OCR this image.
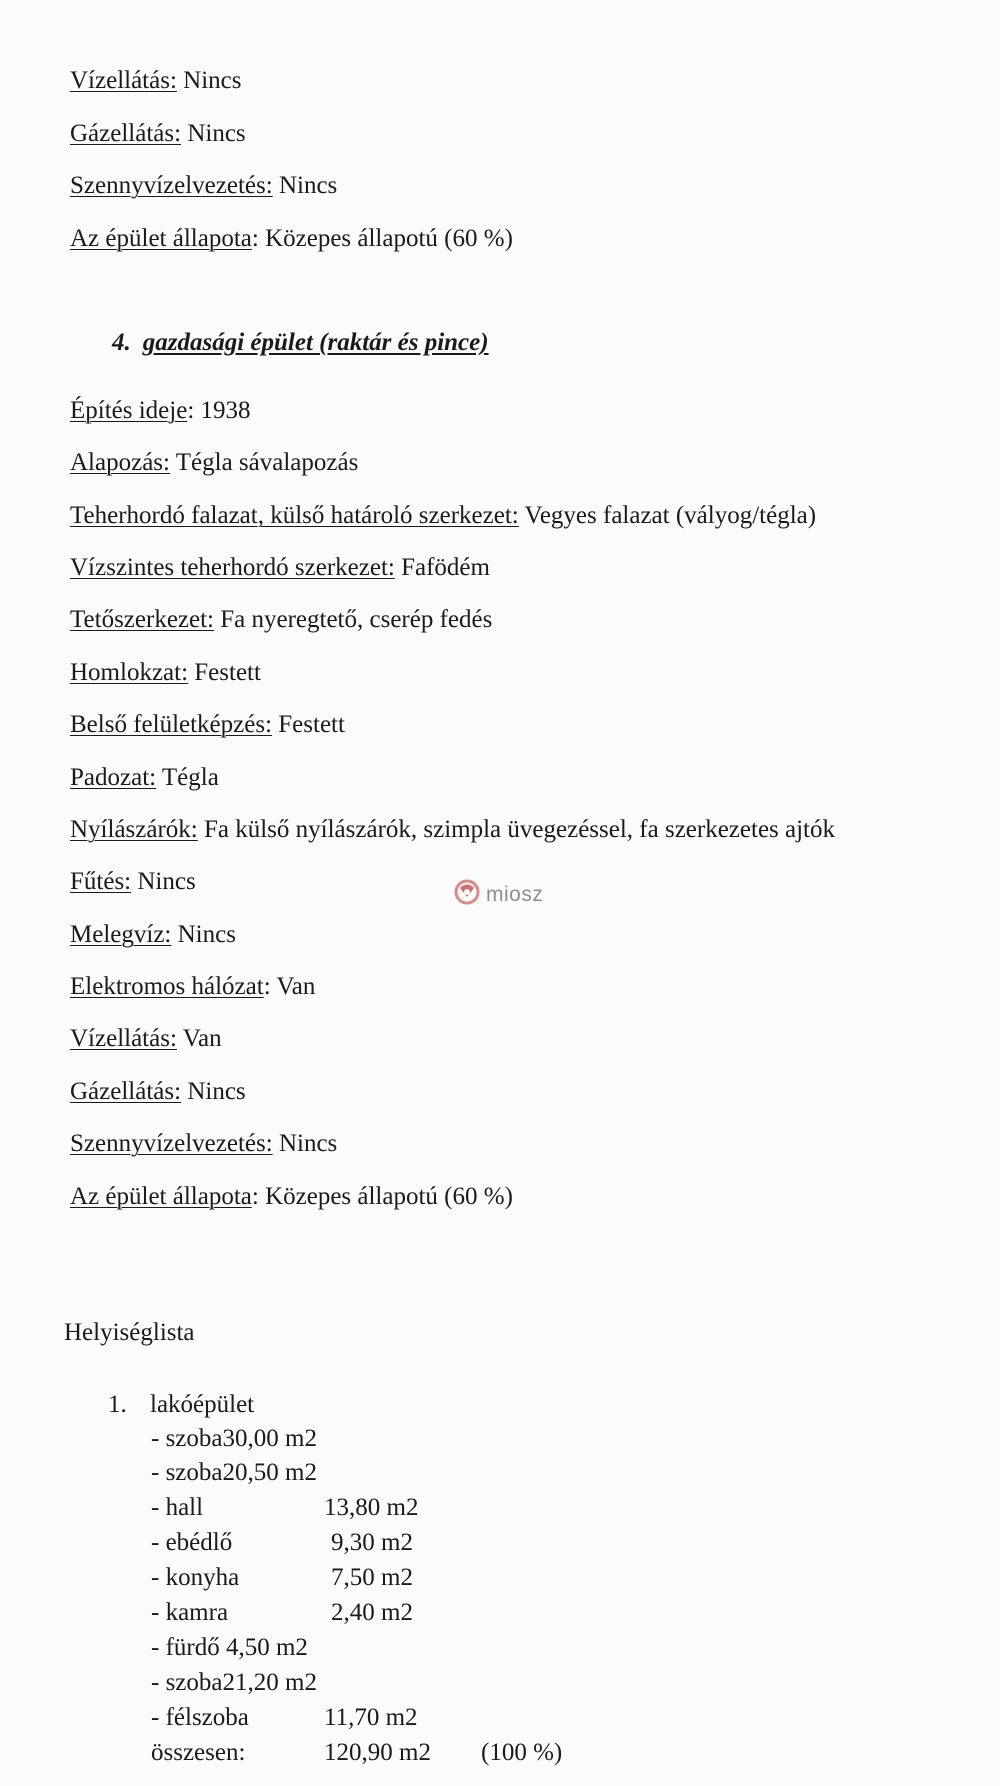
Vízellátás: Nincs
Gázellátás: Nincs
Szennyvízelvezetés: Nincs
Az épület állapota: Közepes állapotú (60 %)
4. gazdasági épület (raktár és pince)
Építés ideje: 1938
Alapozás: Tégla sávalapozás
Teherhordó falazat, külső határoló szerkezet: Vegyes falazat (vályog/tégla)
Vízszintes teherhordó szerkezet: Fafödém
Tetőszerkezet: Fa nyeregtető, cserép fedés
Homlokzat: Festett
Belső felületképzés: Festett
Padozat: Tégla
Nyílászárók: Fa külső nyílászárók, szimpla üvegezéssel, fa szerkezetes ajtók
Fűtés: Nincs
Melegvíz: Nincs
Elektromos hálózat: Van
Vízellátás: Van
Gázellátás: Nincs
Szennyvízelvezetés: Nincs
Az épület állapota: Közepes állapotú (60 %)
Helyiséglista
1. lakóépület
- szoba30,00 m2
- szoba20,50 m2
- hall	13,80 m2
- ebédlő	9,30 m2
- konyha	7,50 m2
- kamra	2,40 m2
- fürdő 4,50 m2
- szoba21,20 m2
- félszoba	11,70 m2
összesen:	120,90 m2 (100 %)
miosz
